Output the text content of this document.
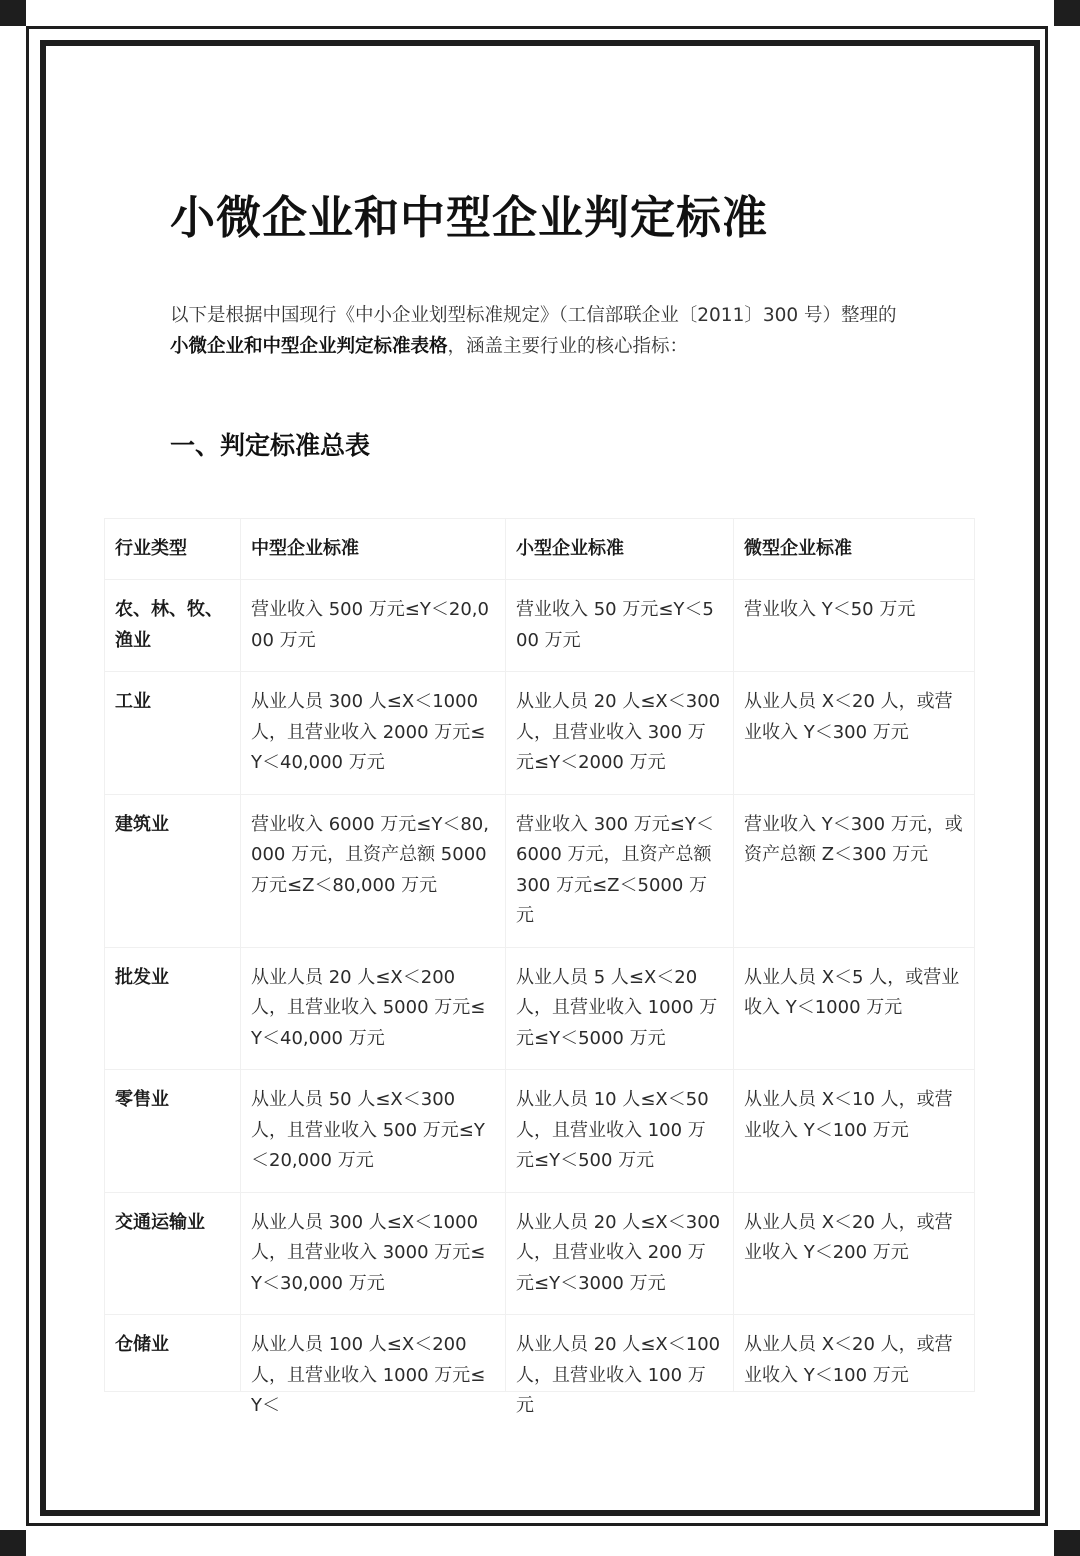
小微企业和中型企业判定标准

以下是根据中国现行《中小企业划型标准规定》（工信部联企业〔2011〕300 号）整理的
小微企业和中型企业判定标准表格，涵盖主要行业的核心指标：

一、判定标准总表
行业类型	中型企业标准	小型企业标准	微型企业标准
农、林、牧、渔业	营业收入 500 万元≤Y＜20,000 万元	营业收入 50 万元≤Y＜500 万元	营业收入 Y＜50 万元
工业	从业人员 300 人≤X＜1000 人，且营业收入 2000 万元≤Y＜40,000 万元	从业人员 20 人≤X＜300 人，且营业收入 300 万元≤Y＜2000 万元	从业人员 X＜20 人，或营业收入 Y＜300 万元
建筑业	营业收入 6000 万元≤Y＜80,000 万元，且资产总额 5000 万元≤Z＜80,000 万元	营业收入 300 万元≤Y＜6000 万元，且资产总额 300 万元≤Z＜5000 万元	营业收入 Y＜300 万元，或资产总额 Z＜300 万元
批发业	从业人员 20 人≤X＜200 人，且营业收入 5000 万元≤Y＜40,000 万元	从业人员 5 人≤X＜20 人，且营业收入 1000 万元≤Y＜5000 万元	从业人员 X＜5 人，或营业收入 Y＜1000 万元
零售业	从业人员 50 人≤X＜300 人，且营业收入 500 万元≤Y＜20,000 万元	从业人员 10 人≤X＜50 人，且营业收入 100 万元≤Y＜500 万元	从业人员 X＜10 人，或营业收入 Y＜100 万元
交通运输业	从业人员 300 人≤X＜1000 人，且营业收入 3000 万元≤Y＜30,000 万元	从业人员 20 人≤X＜300 人，且营业收入 200 万元≤Y＜3000 万元	从业人员 X＜20 人，或营业收入 Y＜200 万元

仓储业	从业人员 100 人≤X＜200 人，且营业收入 1000 万元≤Y＜	从业人员 20 人≤X＜100 人，且营业收入 100 万元	从业人员 X＜20 人，或营业收入 Y＜100 万元
